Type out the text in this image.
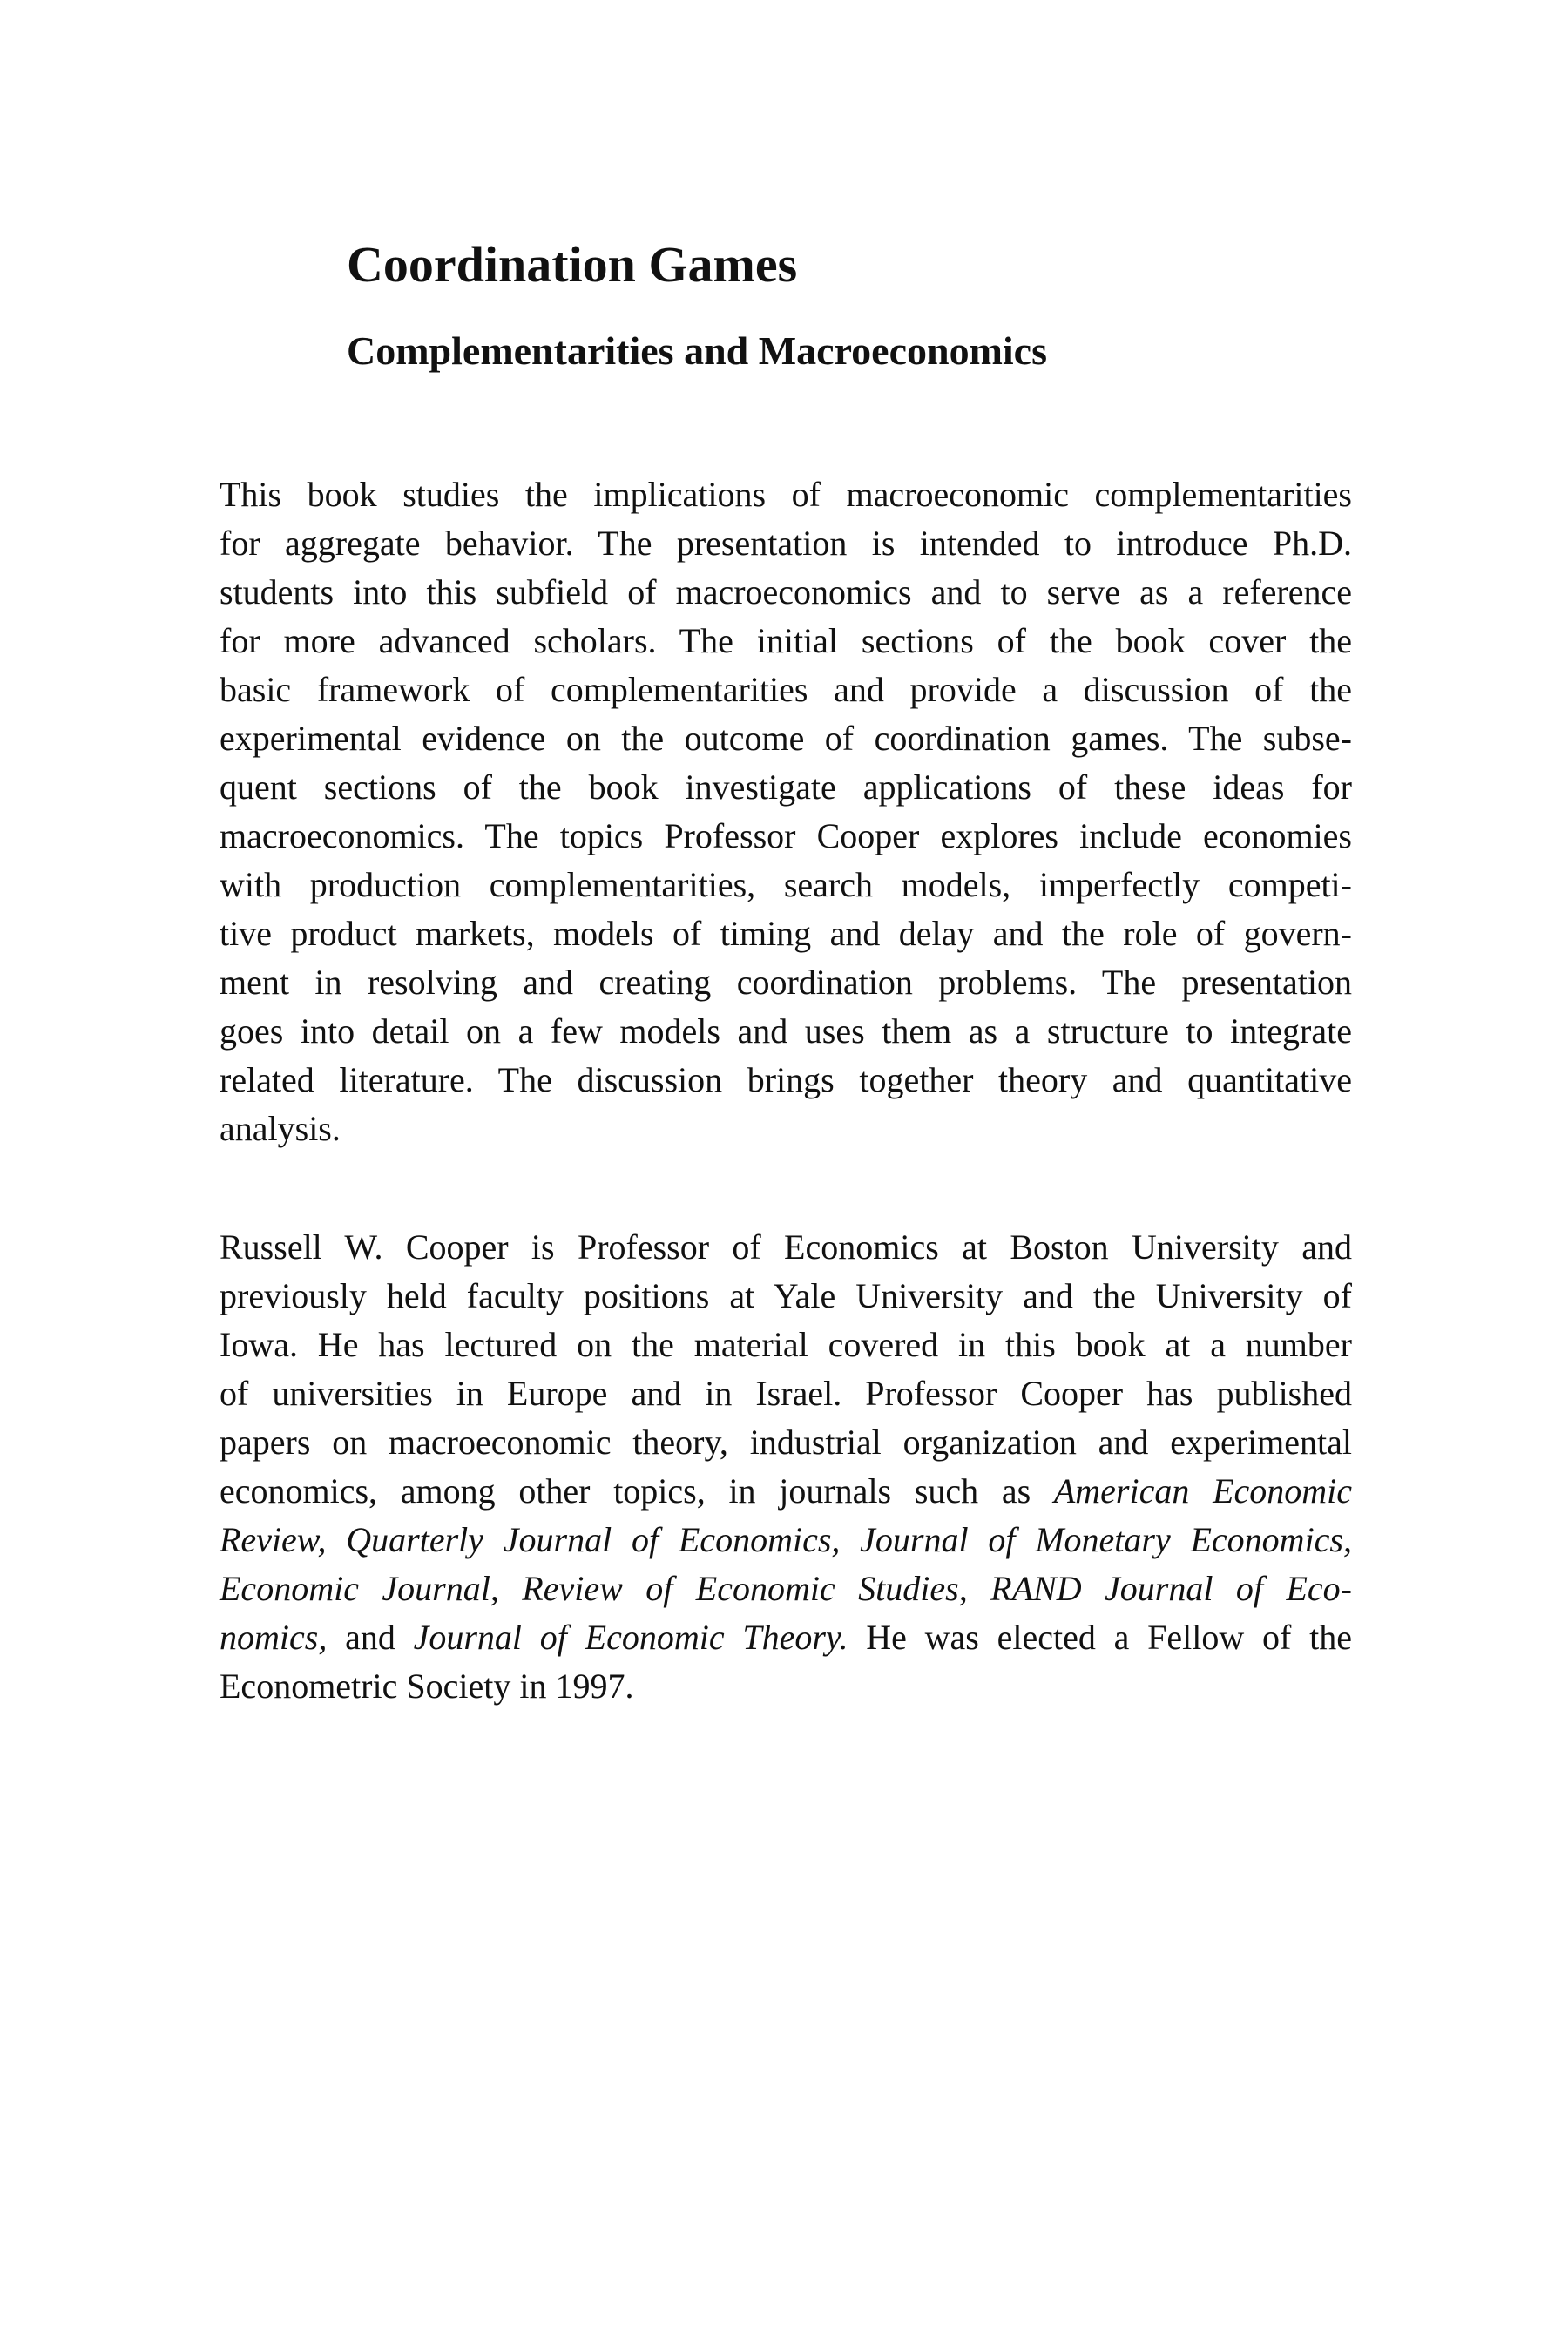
Coordination Games
Complementarities and Macroeconomics
This book studies the implications of macroeconomic complementarities
for aggregate behavior. The presentation is intended to introduce Ph.D.
students into this subfield of macroeconomics and to serve as a reference
for more advanced scholars. The initial sections of the book cover the
basic framework of complementarities and provide a discussion of the
experimental evidence on the outcome of coordination games. The subse-
quent sections of the book investigate applications of these ideas for
macroeconomics. The topics Professor Cooper explores include economies
with production complementarities, search models, imperfectly competi-
tive product markets, models of timing and delay and the role of govern-
ment in resolving and creating coordination problems. The presentation
goes into detail on a few models and uses them as a structure to integrate
related literature. The discussion brings together theory and quantitative
analysis.
Russell W. Cooper is Professor of Economics at Boston University and
previously held faculty positions at Yale University and the University of
Iowa. He has lectured on the material covered in this book at a number
of universities in Europe and in Israel. Professor Cooper has published
papers on macroeconomic theory, industrial organization and experimental
economics, among other topics, in journals such as American Economic
Review, Quarterly Journal of Economics, Journal of Monetary Economics,
Economic Journal, Review of Economic Studies, RAND Journal of Eco-
nomics, and Journal of Economic Theory. He was elected a Fellow of the
Econometric Society in 1997.
